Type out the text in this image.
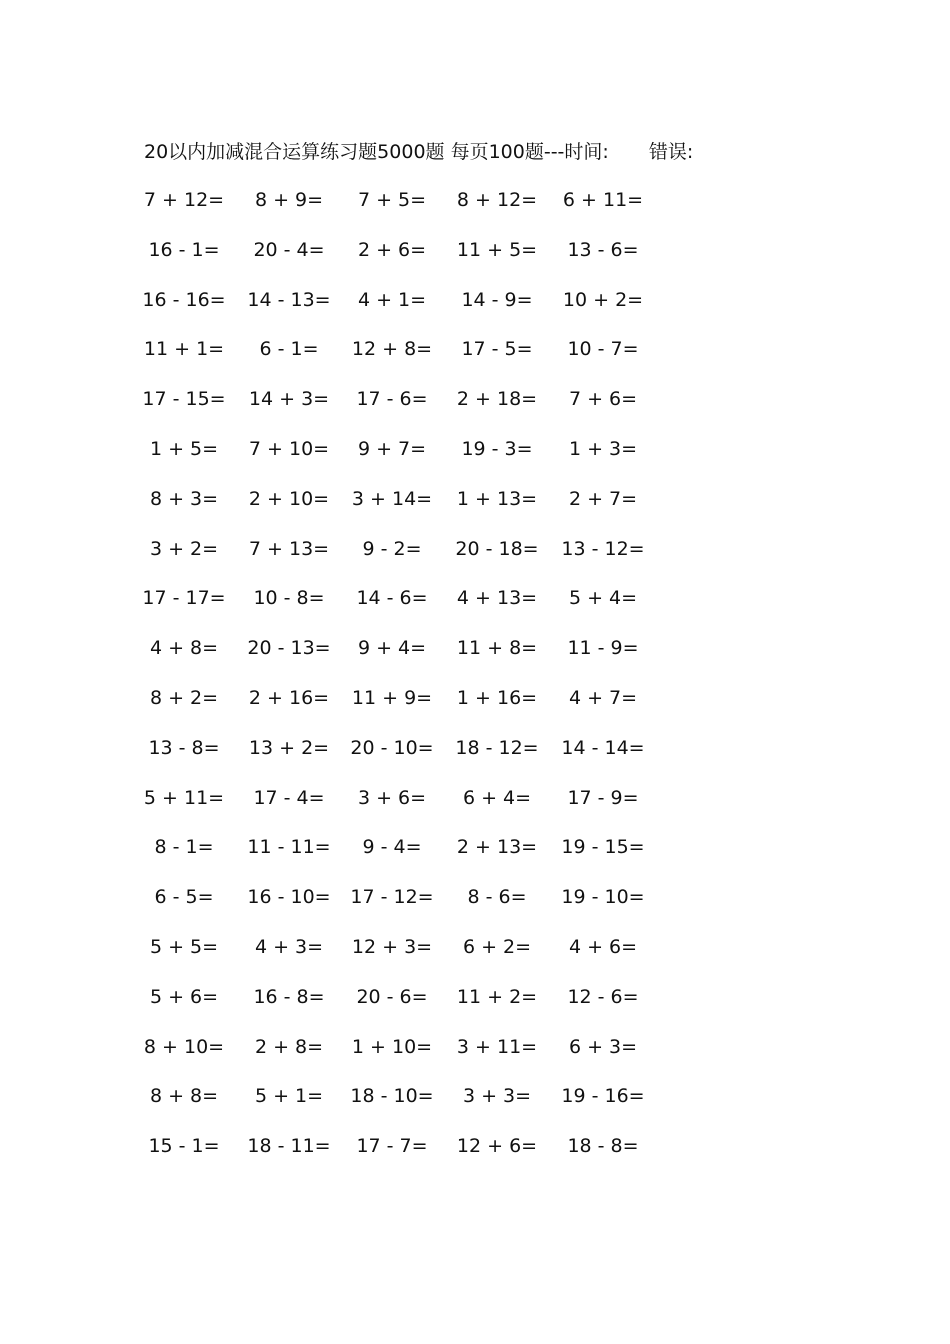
20以内加减混合运算练习题5000题 每页100题---时间: 错误:
7 + 12=	8 + 9=	7 + 5=	8 + 12=	6 + 11=
16 - 1=	20 - 4=	2 + 6=	11 + 5=	13 - 6=
16 - 16=	14 - 13=	4 + 1=	14 - 9=	10 + 2=
11 + 1=	6 - 1=	12 + 8=	17 - 5=	10 - 7=
17 - 15=	14 + 3=	17 - 6=	2 + 18=	7 + 6=
1 + 5=	7 + 10=	9 + 7=	19 - 3=	1 + 3=
8 + 3=	2 + 10=	3 + 14=	1 + 13=	2 + 7=
3 + 2=	7 + 13=	9 - 2=	20 - 18=	13 - 12=
17 - 17=	10 - 8=	14 - 6=	4 + 13=	5 + 4=
4 + 8=	20 - 13=	9 + 4=	11 + 8=	11 - 9=
8 + 2=	2 + 16=	11 + 9=	1 + 16=	4 + 7=
13 - 8=	13 + 2=	20 - 10=	18 - 12=	14 - 14=
5 + 11=	17 - 4=	3 + 6=	6 + 4=	17 - 9=
8 - 1=	11 - 11=	9 - 4=	2 + 13=	19 - 15=
6 - 5=	16 - 10=	17 - 12=	8 - 6=	19 - 10=
5 + 5=	4 + 3=	12 + 3=	6 + 2=	4 + 6=
5 + 6=	16 - 8=	20 - 6=	11 + 2=	12 - 6=
8 + 10=	2 + 8=	1 + 10=	3 + 11=	6 + 3=
8 + 8=	5 + 1=	18 - 10=	3 + 3=	19 - 16=
15 - 1=	18 - 11=	17 - 7=	12 + 6=	18 - 8=
